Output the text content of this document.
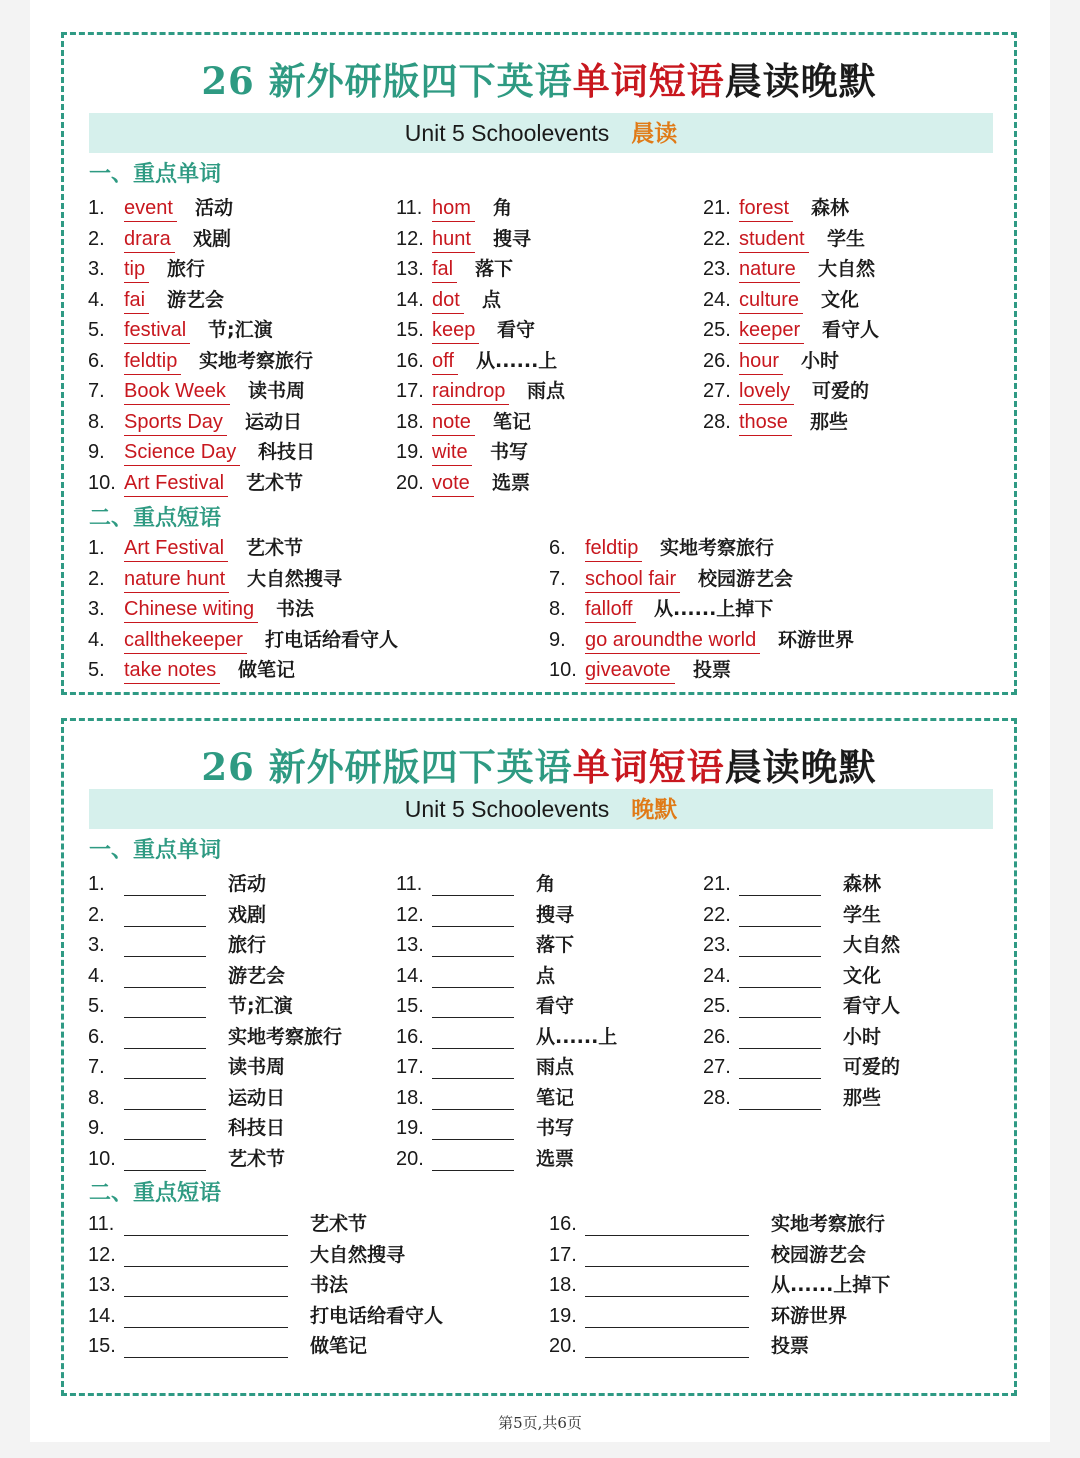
26 新外研版四下英语单词短语晨读晚默
Unit 5 Schoolevents 晨读
一、重点单词
1. event 活动
2. drara 戏剧
3. tip 旅行
4. fai 游艺会
5. festival 节;汇演
6. feldtip 实地考察旅行
7. Book Week 读书周
8. Sports Day 运动日
9. Science Day 科技日
10. Art Festival 艺术节
11. hom 角
12. hunt 搜寻
13. fal 落下
14. dot 点
15. keep 看守
16. off 从......上
17. raindrop 雨点
18. note 笔记
19. wite 书写
20. vote 选票
21. forest 森林
22. student 学生
23. nature 大自然
24. culture 文化
25. keeper 看守人
26. hour 小时
27. lovely 可爱的
28. those 那些
二、重点短语
1. Art Festival 艺术节
2. nature hunt 大自然搜寻
3. Chinese witing 书法
4. callthekeeper 打电话给看守人
5. take notes 做笔记
6. feldtip 实地考察旅行
7. school fair 校园游艺会
8. falloff 从......上掉下
9. go aroundthe world 环游世界
10. giveavote 投票
26 新外研版四下英语单词短语晨读晚默
Unit 5 Schoolevents 晚默
一、重点单词
1.	活动
2.	戏剧
3.	旅行
4.	游艺会
5.	节;汇演
6.	实地考察旅行
7.	读书周
8.	运动日
9.	科技日
10.	艺术节
11.	角
12.	搜寻
13.	落下
14.	点
15.	看守
16.	从......上
17.	雨点
18.	笔记
19.	书写
20.	选票
21.	森林
22.	学生
23.	大自然
24.	文化
25.	看守人
26.	小时
27.	可爱的
28.	那些
二、重点短语
11.	艺术节
12.	大自然搜寻
13.	书法
14.	打电话给看守人
15.	做笔记
16.	实地考察旅行
17.	校园游艺会
18.	从......上掉下
19.	环游世界
20.	投票
第5页,共6页
